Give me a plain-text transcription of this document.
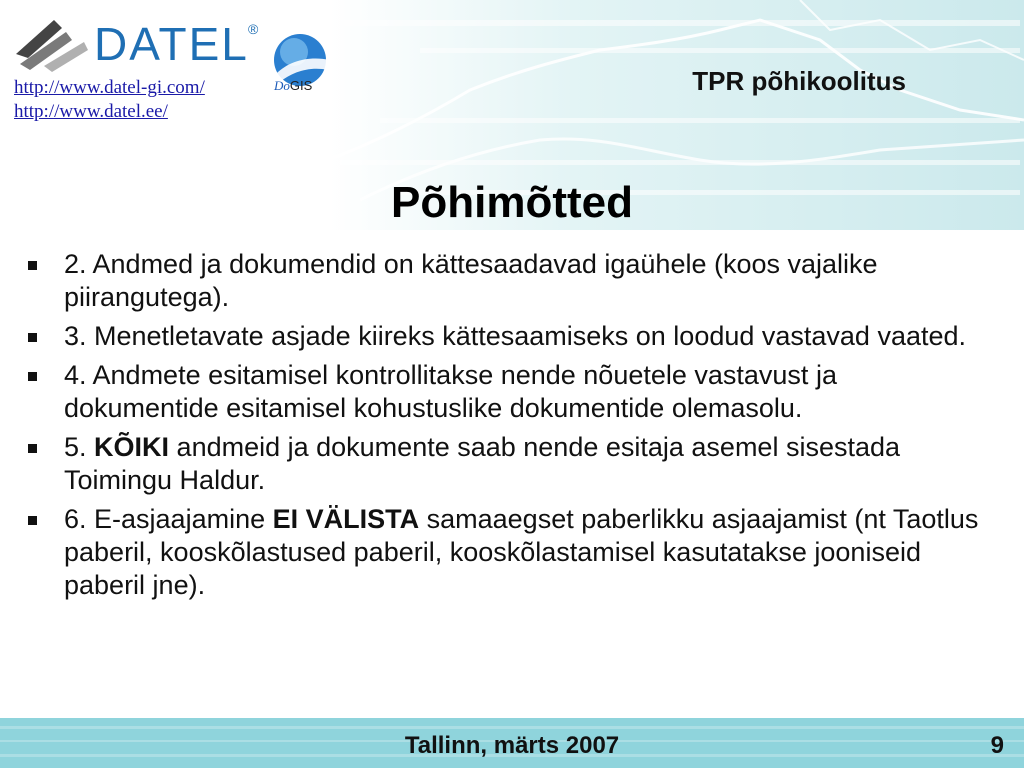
DATEL ®
http://www.datel-gi.com/
http://www.datel.ee/
DoGIS	TPR põhikoolitus
Põhimõtted
2. Andmed ja dokumendid on kättesaadavad igaühele (koos vajalike piirangutega).
3. Menetletavate asjade kiireks kättesaamiseks on loodud vastavad vaated.
4. Andmete esitamisel kontrollitakse nende nõuetele vastavust ja dokumentide esitamisel kohustuslike dokumentide olemasolu.
5. KÕIKI andmeid ja dokumente saab nende esitaja asemel sisestada Toimingu Haldur.
6. E-asjaajamine EI VÄLISTA samaaegset paberlikku asjaajamist (nt Taotlus paberil, kooskõlastused paberil, kooskõlastamisel kasutatakse jooniseid paberil jne).
Tallinn, märts 2007	9
